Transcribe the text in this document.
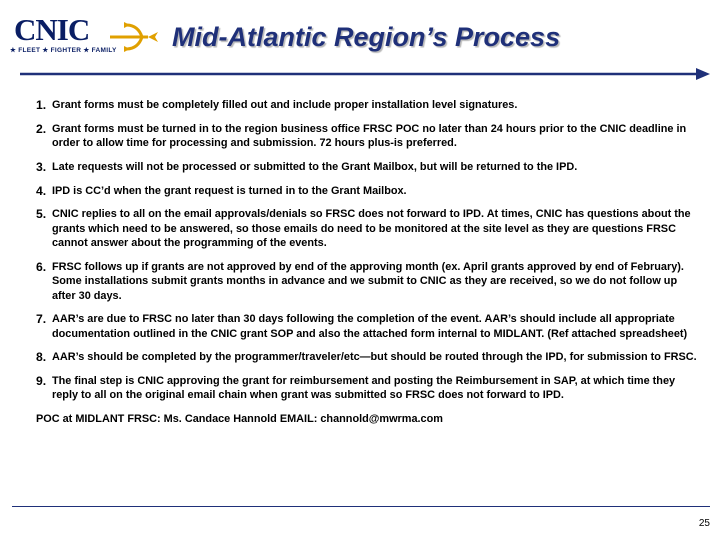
CNIC
★ FLEET ★ FIGHTER ★ FAMILY Mid-Atlantic Region’s Process
1. Grant forms must be completely filled out and include proper installation level signatures.
2. Grant forms must be turned in to the region business office FRSC POC no later than 24 hours prior to the CNIC deadline in order to allow time for processing and submission. 72 hours plus-is preferred.
3. Late requests will not be processed or submitted to the Grant Mailbox, but will be returned to the IPD.
4. IPD is CC’d when the grant request is turned in to the Grant Mailbox.
5. CNIC replies to all on the email approvals/denials so FRSC does not forward to IPD. At times, CNIC has questions about the grants which need to be answered, so those emails do need to be monitored at the site level as they are questions FRSC cannot answer about the programming of the events.
6. FRSC follows up if grants are not approved by end of the approving month (ex. April grants approved by end of February). Some installations submit grants months in advance and we submit to CNIC as they are received, so we do not follow up after 30 days.
7. AAR’s are due to FRSC no later than 30 days following the completion of the event. AAR’s should include all appropriate documentation outlined in the CNIC grant SOP and also the attached form internal to MIDLANT. (Ref attached spreadsheet)
8. AAR’s should be completed by the programmer/traveler/etc—but should be routed through the IPD, for submission to FRSC.
9. The final step is CNIC approving the grant for reimbursement and posting the Reimbursement in SAP, at which time they reply to all on the original email chain when grant was submitted so FRSC does not forward to IPD.
POC at MIDLANT FRSC: Ms. Candace Hannold EMAIL: channold@mwrma.com
25
